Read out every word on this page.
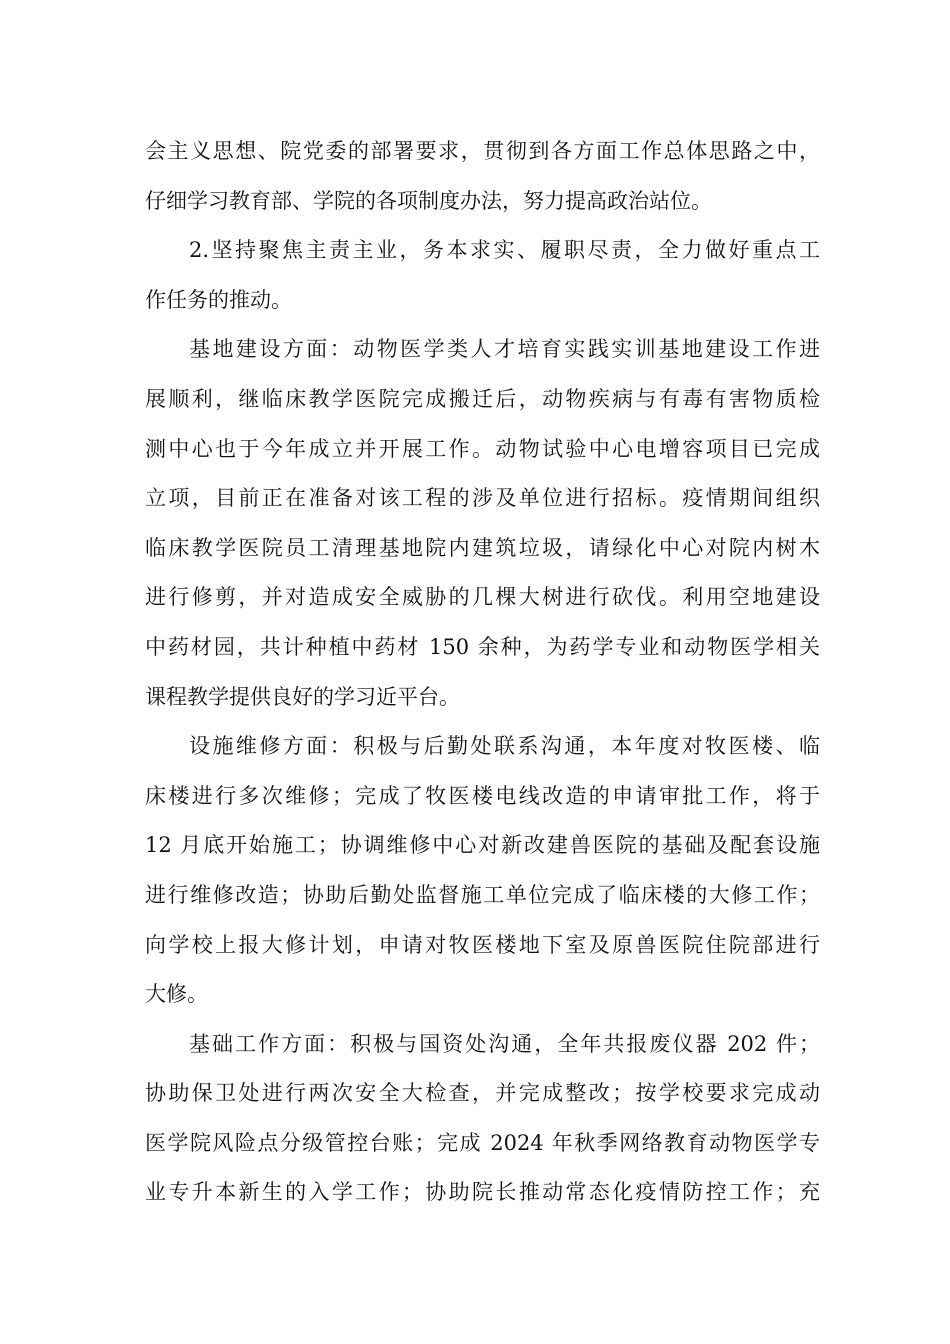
会主义思想、院党委的部署要求，贯彻到各方面工作总体思路之中，
仔细学习教育部、学院的各项制度办法，努力提高政治站位。
2.坚持聚焦主责主业，务本求实、履职尽责，全力做好重点工
作任务的推动。
基地建设方面：动物医学类人才培育实践实训基地建设工作进
展顺利，继临床教学医院完成搬迁后，动物疾病与有毒有害物质检
测中心也于今年成立并开展工作。动物试验中心电增容项目已完成
立项，目前正在准备对该工程的涉及单位进行招标。疫情期间组织
临床教学医院员工清理基地院内建筑垃圾，请绿化中心对院内树木
进行修剪，并对造成安全威胁的几棵大树进行砍伐。利用空地建设
中药材园，共计种植中药材 150 余种，为药学专业和动物医学相关
课程教学提供良好的学习近平台。
设施维修方面：积极与后勤处联系沟通，本年度对牧医楼、临
床楼进行多次维修；完成了牧医楼电线改造的申请审批工作，将于
12 月底开始施工；协调维修中心对新改建兽医院的基础及配套设施
进行维修改造；协助后勤处监督施工单位完成了临床楼的大修工作；
向学校上报大修计划，申请对牧医楼地下室及原兽医院住院部进行
大修。
基础工作方面：积极与国资处沟通，全年共报废仪器 202 件；
协助保卫处进行两次安全大检查，并完成整改；按学校要求完成动
医学院风险点分级管控台账；完成 2024 年秋季网络教育动物医学专
业专升本新生的入学工作；协助院长推动常态化疫情防控工作；充
